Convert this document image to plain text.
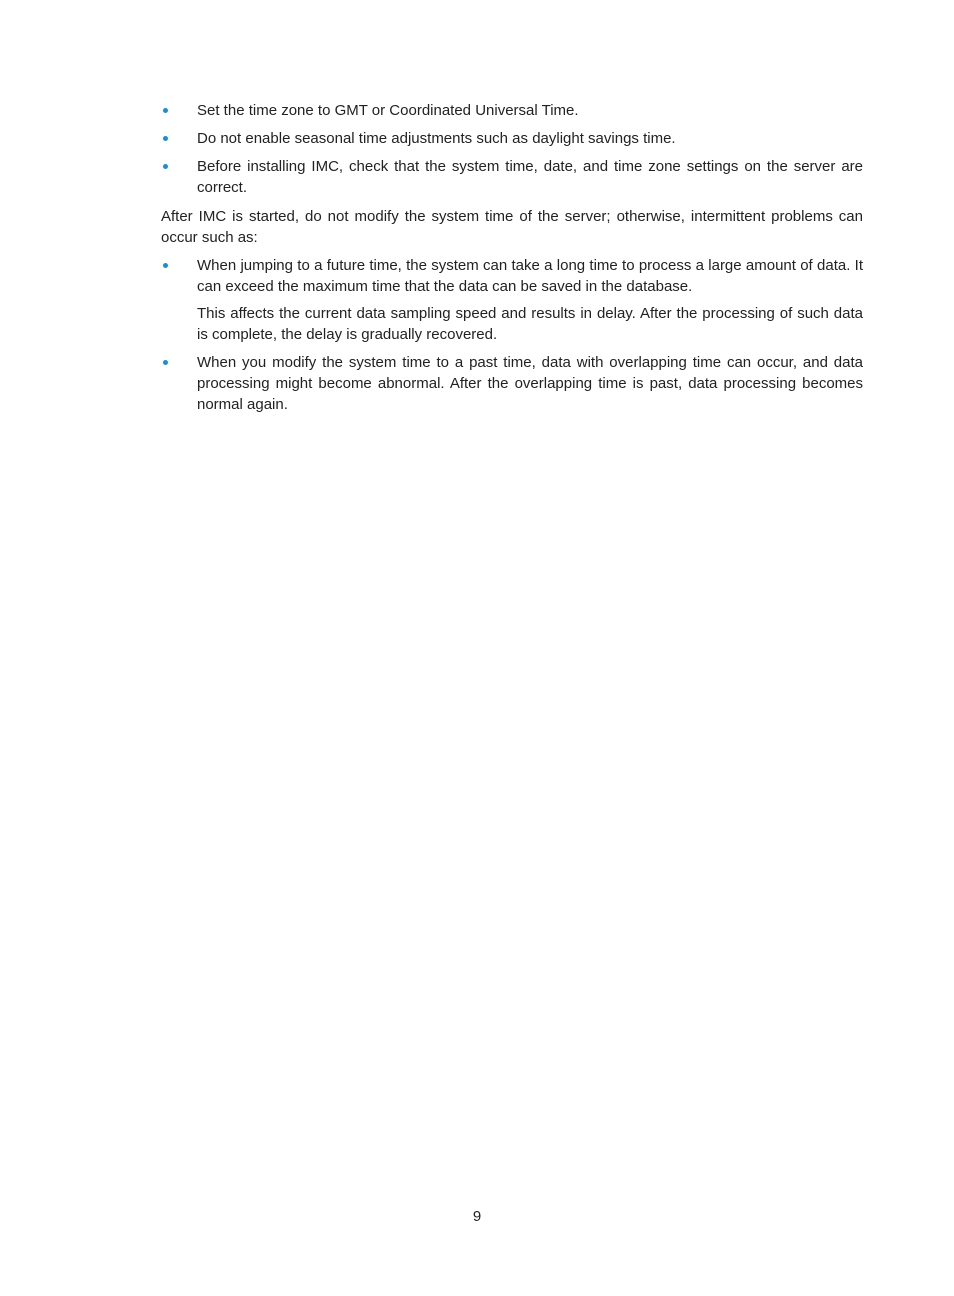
Set the time zone to GMT or Coordinated Universal Time.
Do not enable seasonal time adjustments such as daylight savings time.
Before installing IMC, check that the system time, date, and time zone settings on the server are correct.

After IMC is started, do not modify the system time of the server; otherwise, intermittent problems can occur such as:

When jumping to a future time, the system can take a long time to process a large amount of data. It can exceed the maximum time that the data can be saved in the database.
This affects the current data sampling speed and results in delay. After the processing of such data is complete, the delay is gradually recovered.
When you modify the system time to a past time, data with overlapping time can occur, and data processing might become abnormal. After the overlapping time is past, data processing becomes normal again.
9
